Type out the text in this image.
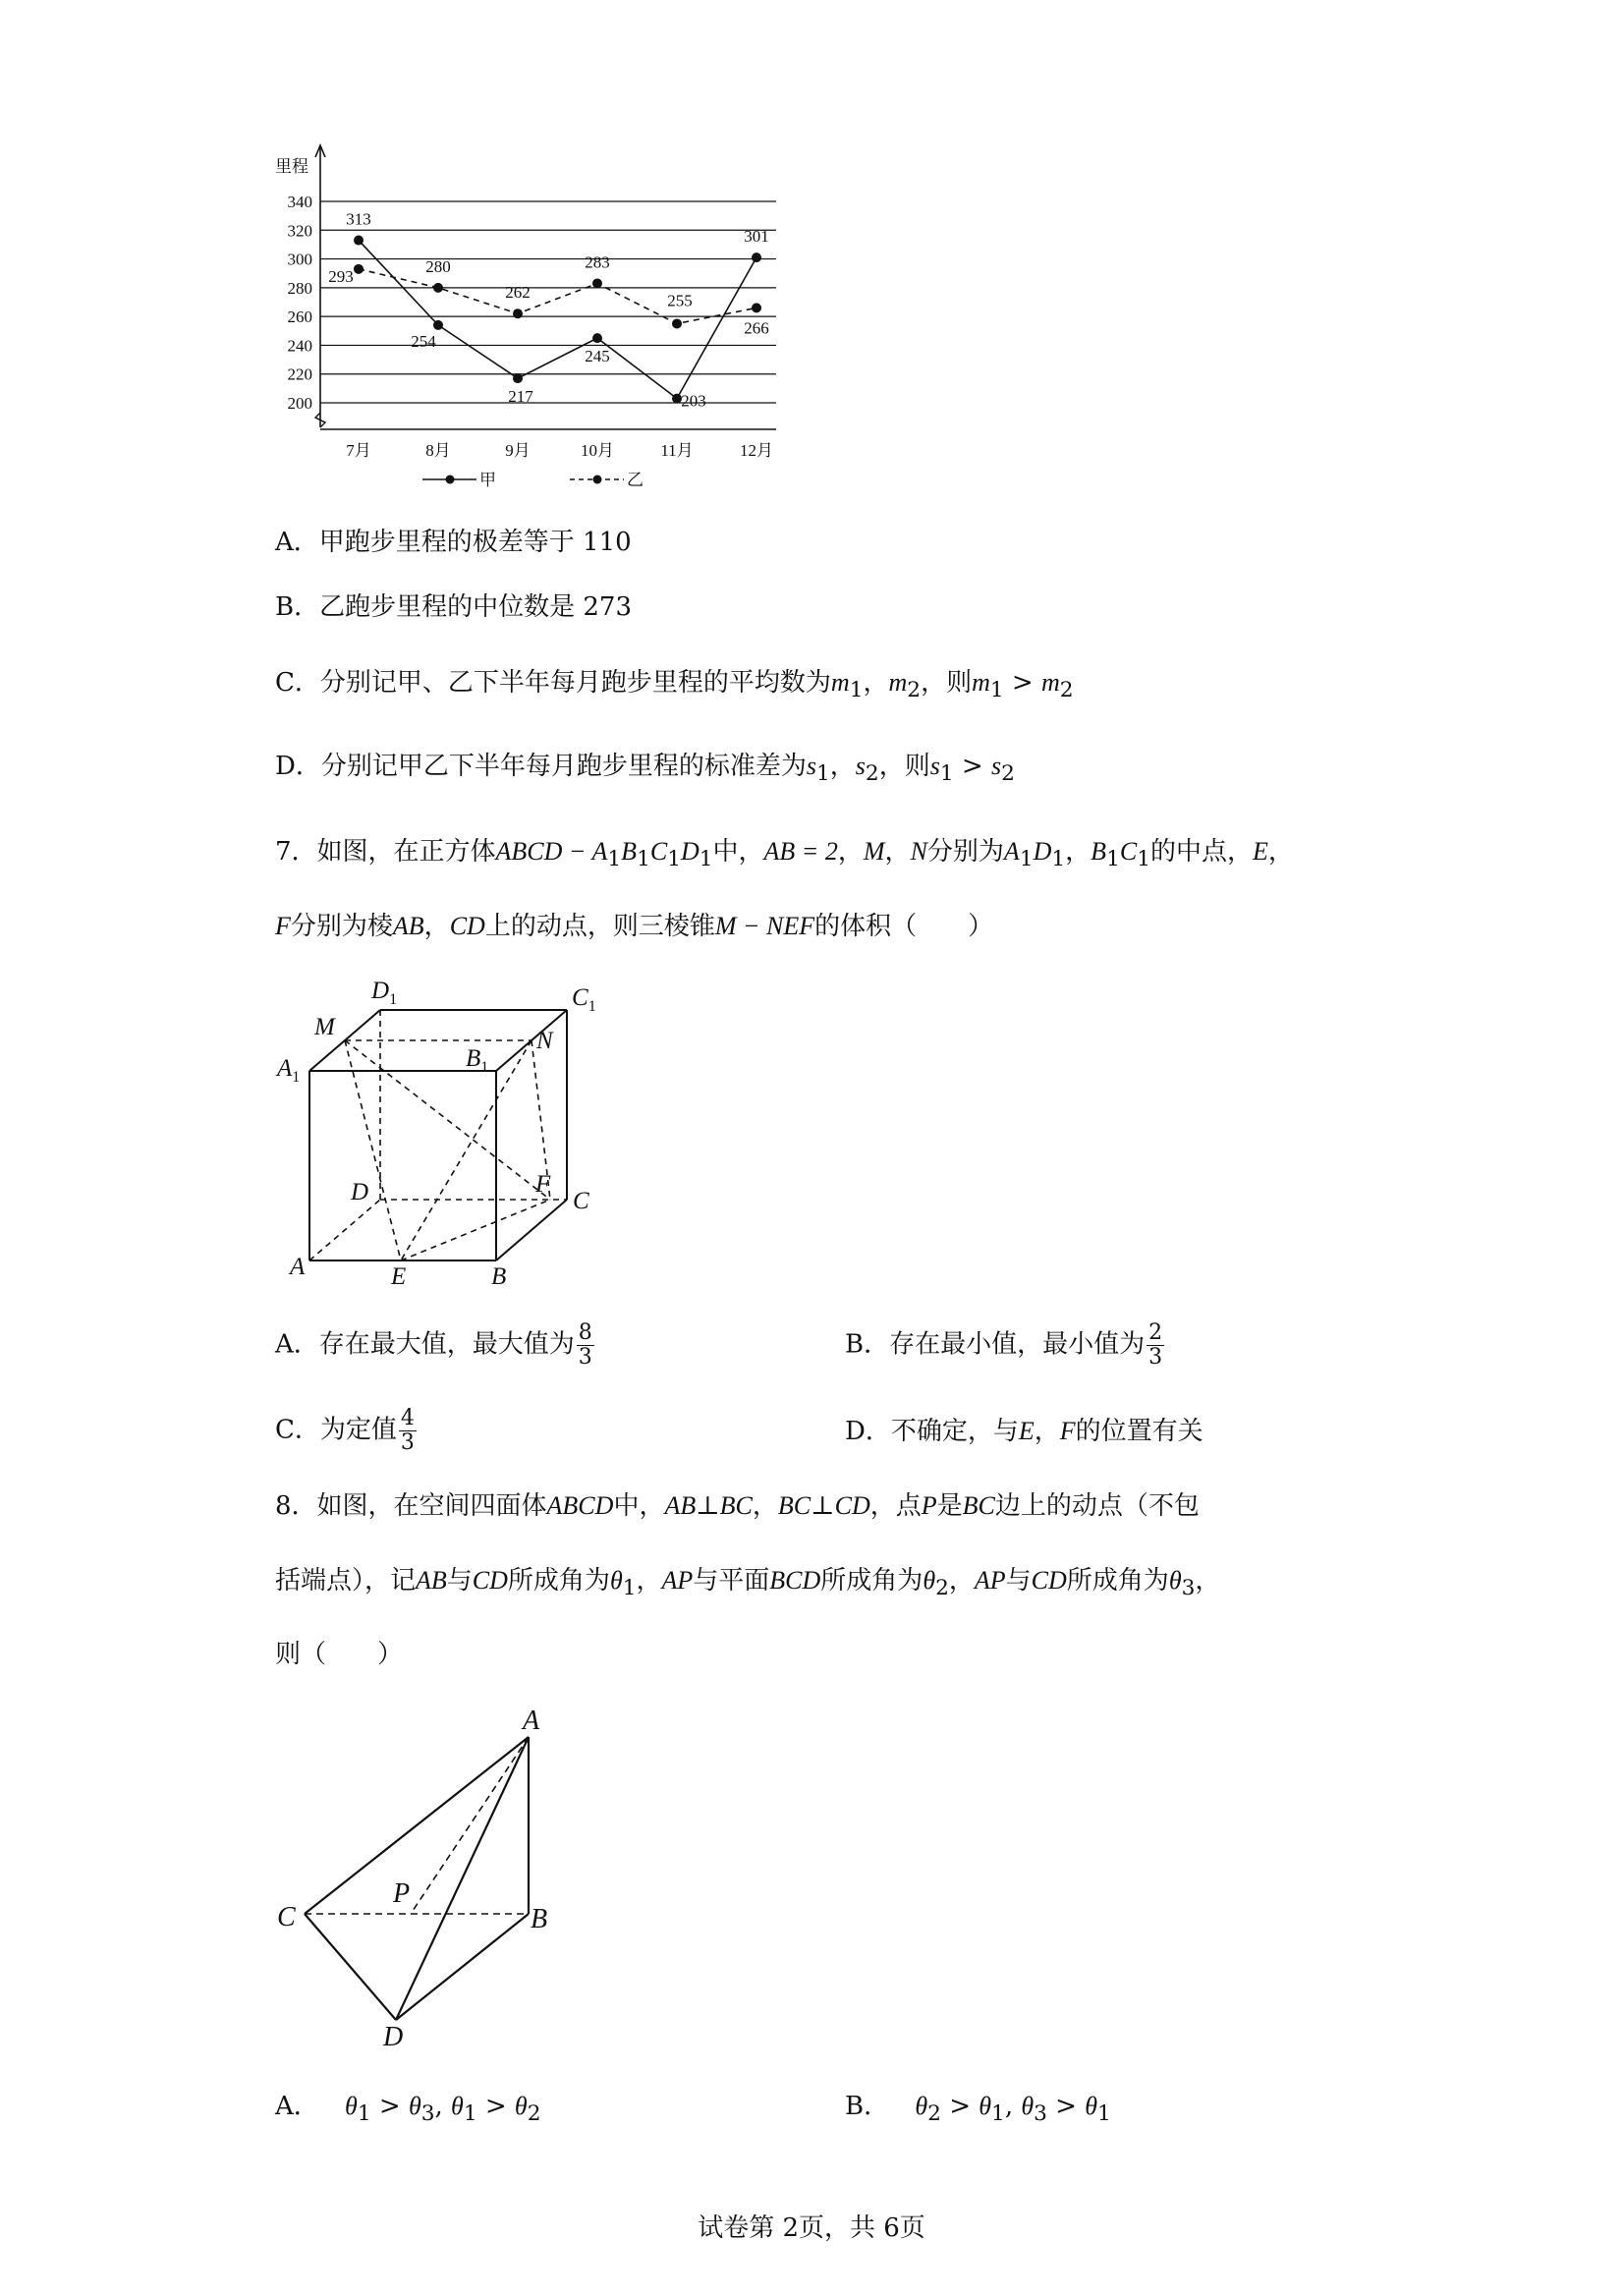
里程
200
220
240
260
280
300
320
340
7月	8月	9月	10月	11月	12月
313
254
217
245
203
301
293
280
262
283
255
266
甲	乙
A．甲跑步里程的极差等于 110
B．乙跑步里程的中位数是 273
C．分别记甲、乙下半年每月跑步里程的平均数为$m_1$，$m_2$，则$m_1 > m_2$
D．分别记甲乙下半年每月跑步里程的标准差为$s_1$，$s_2$，则$s_1 > s_2$
7．如图，在正方体ABCD − $A_1B_1C_1D_1$中，AB = 2，M，N分别为$A_1D_1$，$B_1C_1$的中点，E，
F分别为棱AB，CD上的动点，则三棱锥M − NEF的体积（　　）
$D_1$	$C_1$
M
$A_1$
$B_1$
N
D	F
C
A	E	B
A．存在最大值，最大值为 $\frac{8}{3}$	B．存在最小值，最小值为 $\frac{2}{3}$
C．为定值 $\frac{4}{3}$	D．不确定，与E，F的位置有关
8．如图，在空间四面体ABCD中，AB⊥BC，BC⊥CD，点P是BC边上的动点（不包
括端点），记AB与CD所成角为$\theta_1$，AP与平面BCD所成角为$\theta_2$，AP与CD所成角为$\theta_3$，
则（　　）
A
P
C	B
D
A． $\theta_1 > \theta_3$, $\theta_1 > \theta_2$	B． $\theta_2 > \theta_1$, $\theta_3 > \theta_1$
试卷第 2页，共 6页
